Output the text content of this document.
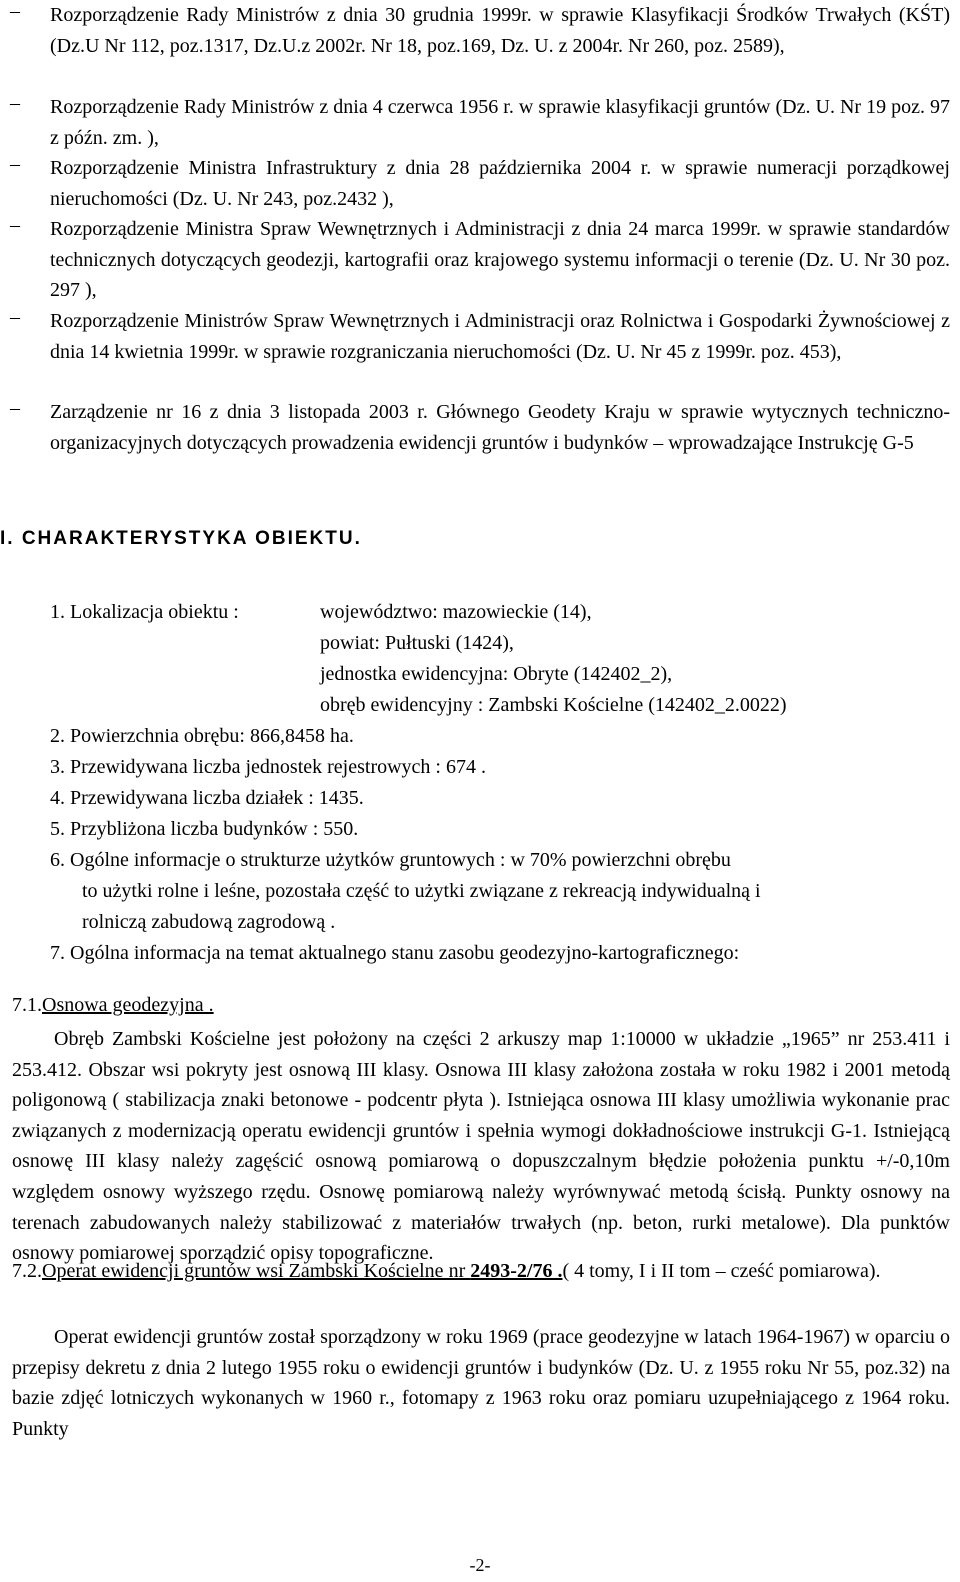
–	Rozporządzenie Rady Ministrów z dnia 30 grudnia 1999r. w sprawie Klasyfikacji Środków Trwałych (KŚT) (Dz.U Nr 112, poz.1317, Dz.U.z 2002r. Nr 18, poz.169, Dz. U. z 2004r. Nr 260, poz. 2589),
–	Rozporządzenie Rady Ministrów z dnia 4 czerwca 1956 r. w sprawie klasyfikacji gruntów (Dz. U. Nr 19 poz. 97 z późn. zm. ),
–	Rozporządzenie Ministra Infrastruktury z dnia 28 października 2004 r. w sprawie numeracji porządkowej nieruchomości (Dz. U. Nr 243, poz.2432 ),
–	Rozporządzenie Ministra Spraw Wewnętrznych i Administracji z dnia 24 marca 1999r. w sprawie standardów technicznych dotyczących geodezji, kartografii oraz krajowego systemu informacji o terenie (Dz. U. Nr 30 poz. 297 ),
–	Rozporządzenie Ministrów Spraw Wewnętrznych i Administracji oraz Rolnictwa i Gospodarki Żywnościowej z dnia 14 kwietnia 1999r. w sprawie rozgraniczania nieruchomości (Dz. U. Nr 45 z 1999r. poz. 453),
–	Zarządzenie nr 16 z dnia 3 listopada 2003 r. Głównego Geodety Kraju w sprawie wytycznych techniczno-organizacyjnych dotyczących prowadzenia ewidencji gruntów i budynków – wprowadzające Instrukcję G-5
I. CHARAKTERYSTYKA OBIEKTU.
1. Lokalizacja obiektu :	województwo: mazowieckie (14),
powiat: Pułtuski (1424),
jednostka ewidencyjna: Obryte (142402_2),
obręb ewidencyjny : Zambski Kościelne (142402_2.0022)
2. Powierzchnia obrębu: 866,8458 ha.
3. Przewidywana liczba jednostek rejestrowych : 674 .
4. Przewidywana liczba działek : 1435.
5. Przybliżona liczba budynków : 550.
6. Ogólne informacje o strukturze użytków gruntowych : w 70% powierzchni obrębu
to użytki rolne i leśne, pozostała część to użytki związane z rekreacją indywidualną i
rolniczą zabudową zagrodową .
7. Ogólna informacja na temat aktualnego stanu zasobu geodezyjno-kartograficznego:
7.1.Osnowa geodezyjna .
Obręb Zambski Kościelne jest położony na części 2 arkuszy map 1:10000 w układzie „1965” nr 253.411 i 253.412. Obszar wsi pokryty jest osnową III klasy. Osnowa III klasy założona została w roku 1982 i 2001 metodą poligonową ( stabilizacja znaki betonowe - podcentr płyta ). Istniejąca osnowa III klasy umożliwia wykonanie prac związanych z modernizacją operatu ewidencji gruntów i spełnia wymogi dokładnościowe instrukcji G-1. Istniejącą osnowę III klasy należy zagęścić osnową pomiarową o dopuszczalnym błędzie położenia punktu +/-0,10m względem osnowy wyższego rzędu. Osnowę pomiarową należy wyrównywać metodą ścisłą. Punkty osnowy na terenach zabudowanych należy stabilizować z materiałów trwałych (np. beton, rurki metalowe). Dla punktów osnowy pomiarowej sporządzić opisy topograficzne.
7.2.Operat ewidencji gruntów wsi Zambski Kościelne nr 2493-2/76 .( 4 tomy, I i II tom – cześć pomiarowa).
Operat ewidencji gruntów został sporządzony w roku 1969 (prace geodezyjne w latach 1964-1967) w oparciu o przepisy dekretu z dnia 2 lutego 1955 roku o ewidencji gruntów i budynków (Dz. U. z 1955 roku Nr 55, poz.32) na bazie zdjęć lotniczych wykonanych w 1960 r., fotomapy z 1963 roku oraz pomiaru uzupełniającego z 1964 roku. Punkty
-2-
